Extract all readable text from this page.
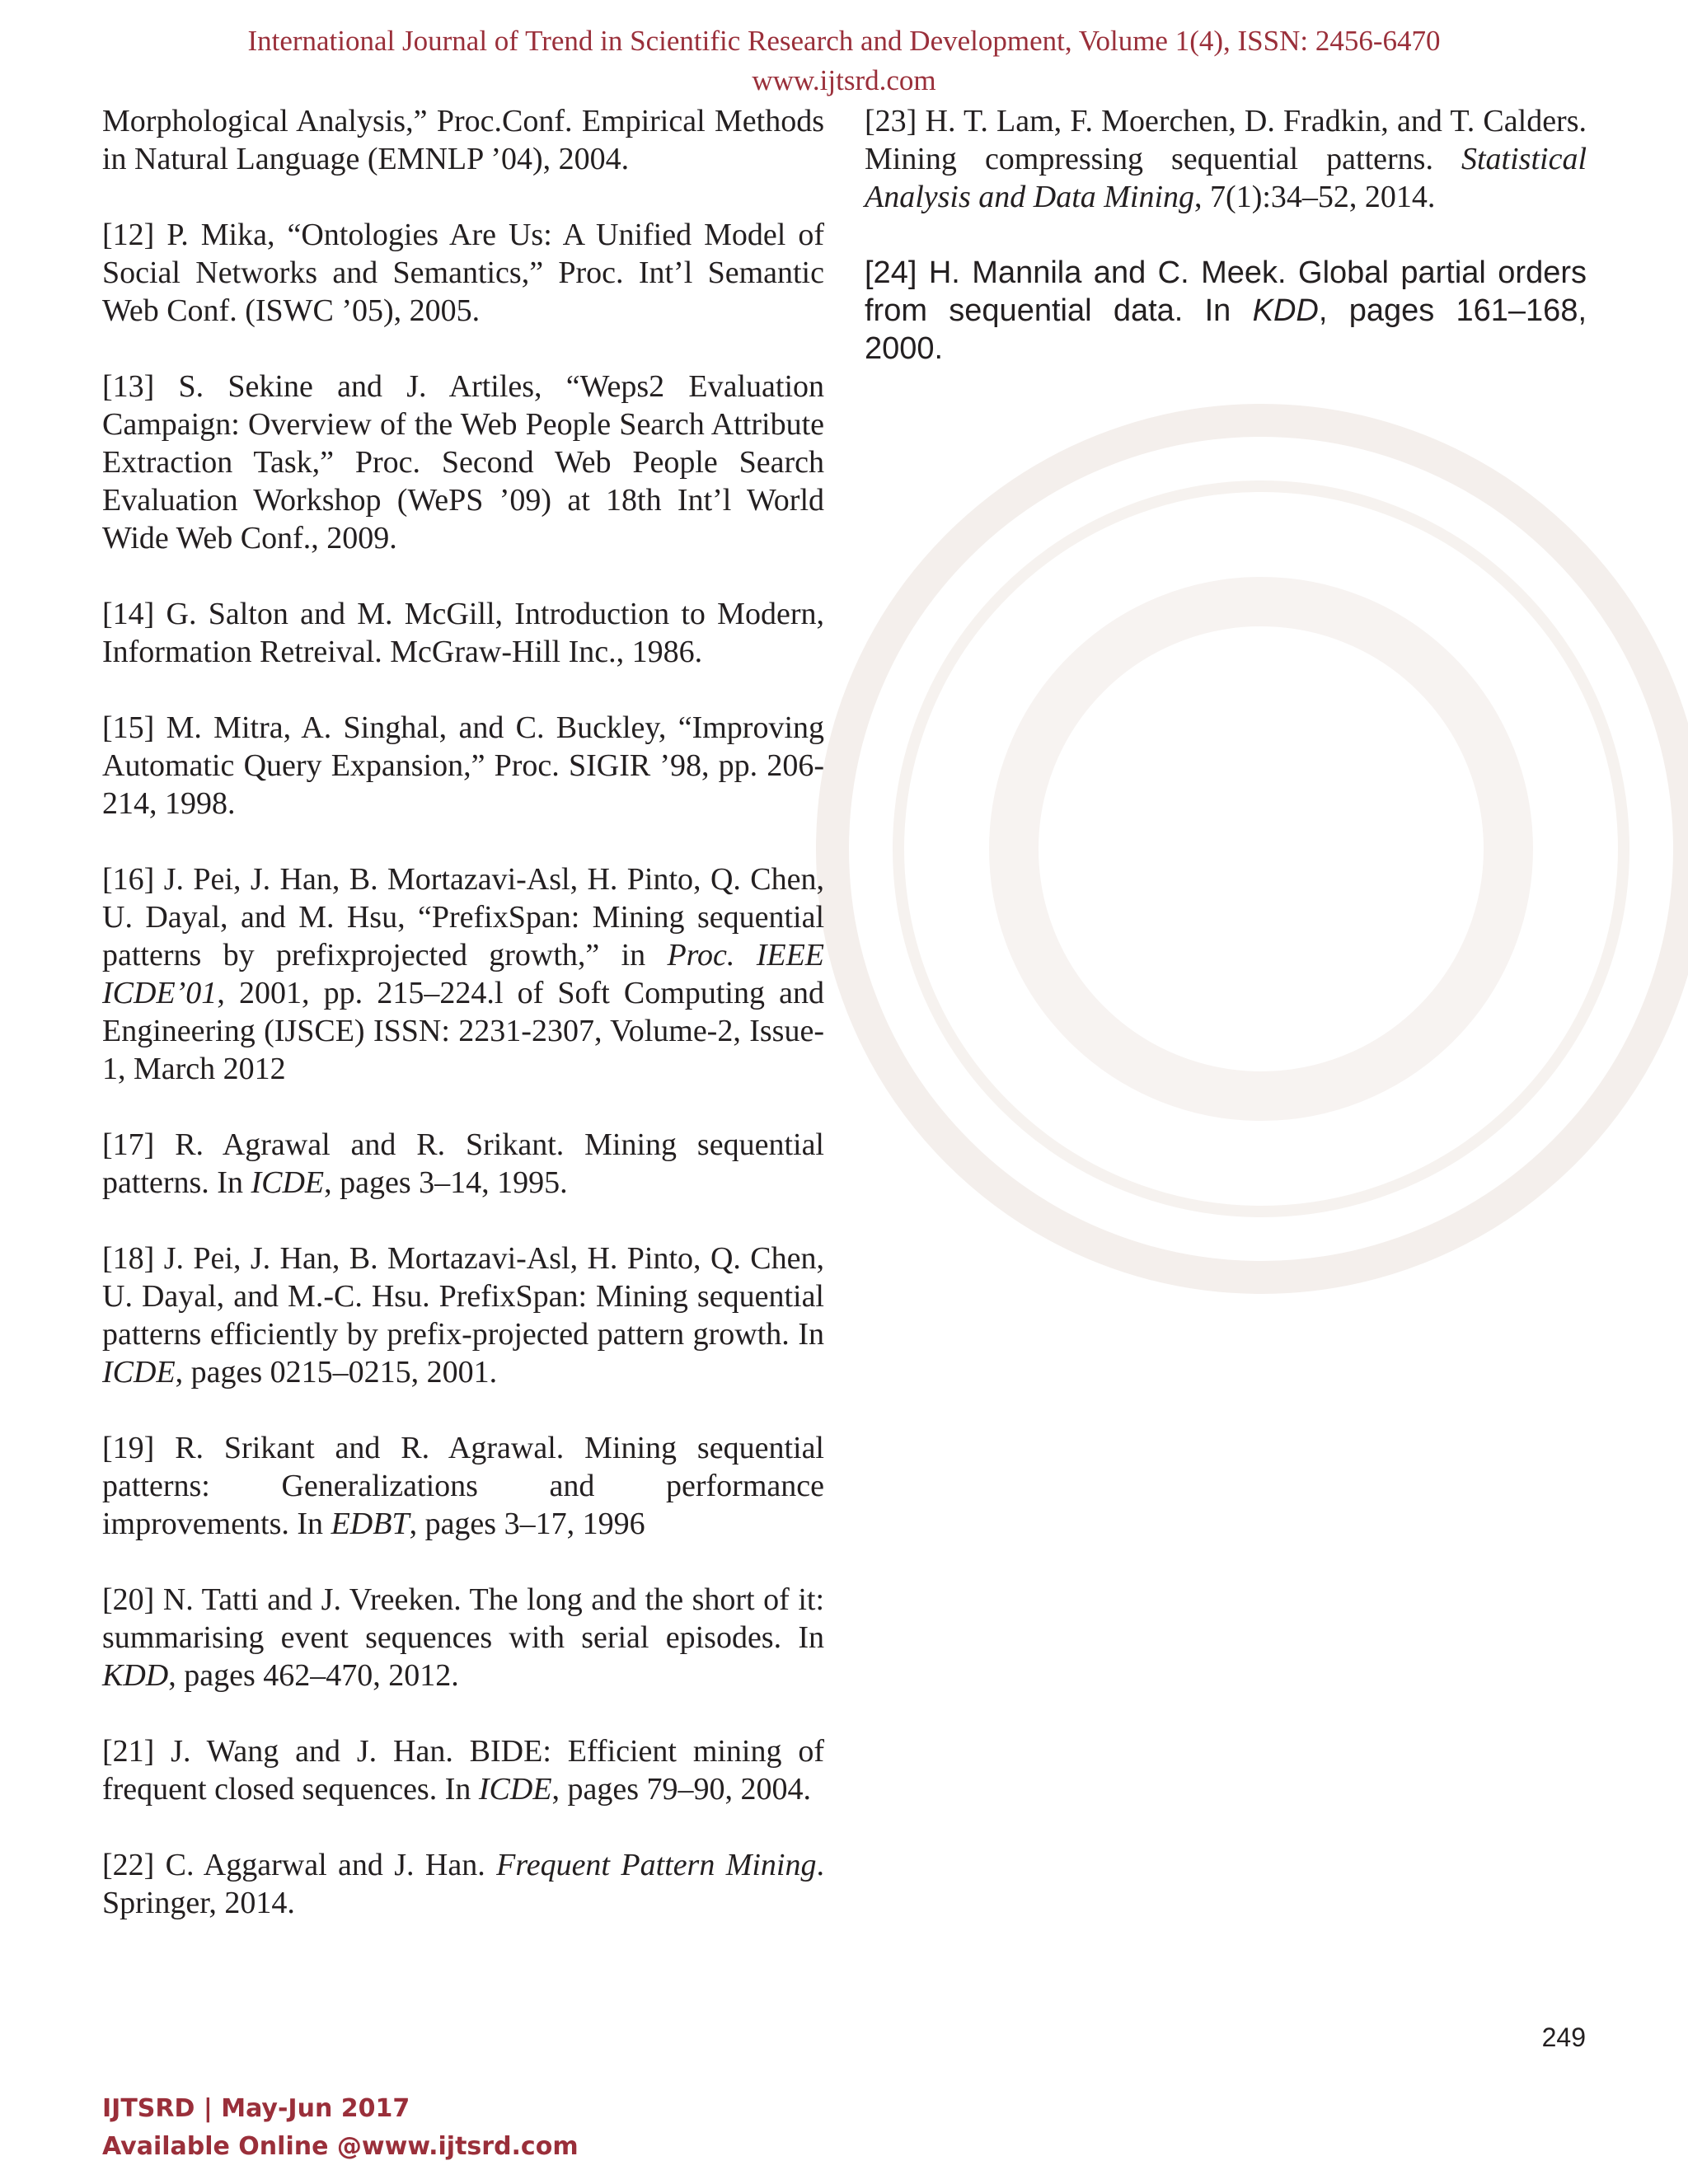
International Journal of Trend in Scientific Research and Development, Volume 1(4), ISSN: 2456-6470
www.ijtsrd.com

Morphological Analysis,” Proc.Conf. Empirical Methods in Natural Language (EMNLP ’04), 2004.

[12] P. Mika, “Ontologies Are Us: A Unified Model of Social Networks and Semantics,” Proc. Int’l Semantic Web Conf. (ISWC ’05), 2005.

[13] S. Sekine and J. Artiles, “Weps2 Evaluation Campaign: Overview of the Web People Search Attribute Extraction Task,” Proc. Second Web People Search Evaluation Workshop (WePS ’09) at 18th Int’l World Wide Web Conf., 2009.

[14] G. Salton and M. McGill, Introduction to Modern, Information Retreival. McGraw-Hill Inc., 1986.

[15] M. Mitra, A. Singhal, and C. Buckley, “Improving Automatic Query Expansion,” Proc. SIGIR ’98, pp. 206-214, 1998.

[16] J. Pei, J. Han, B. Mortazavi-Asl, H. Pinto, Q. Chen, U. Dayal, and M. Hsu, “PrefixSpan: Mining sequential patterns by prefixprojected growth,” in Proc. IEEE ICDE’01, 2001, pp. 215–224.l of Soft Computing and Engineering (IJSCE) ISSN: 2231-2307, Volume-2, Issue-1, March 2012

[17] R. Agrawal and R. Srikant. Mining sequential patterns. In ICDE, pages 3–14, 1995.

[18] J. Pei, J. Han, B. Mortazavi-Asl, H. Pinto, Q. Chen, U. Dayal, and M.-C. Hsu. PrefixSpan: Mining sequential patterns efficiently by prefix-projected pattern growth. In ICDE, pages 0215–0215, 2001.

[19] R. Srikant and R. Agrawal. Mining sequential patterns: Generalizations and performance improvements. In EDBT, pages 3–17, 1996

[20] N. Tatti and J. Vreeken. The long and the short of it: summarising event sequences with serial episodes. In KDD, pages 462–470, 2012.

[21] J. Wang and J. Han. BIDE: Efficient mining of frequent closed sequences. In ICDE, pages 79–90, 2004.

[22] C. Aggarwal and J. Han. Frequent Pattern Mining. Springer, 2014.

[23] H. T. Lam, F. Moerchen, D. Fradkin, and T. Calders. Mining compressing sequential patterns. Statistical Analysis and Data Mining, 7(1):34–52, 2014.

[24] H. Mannila and C. Meek. Global partial orders from sequential data. In KDD, pages 161–168, 2000.

249
IJTSRD | May-Jun 2017
Available Online @www.ijtsrd.com
